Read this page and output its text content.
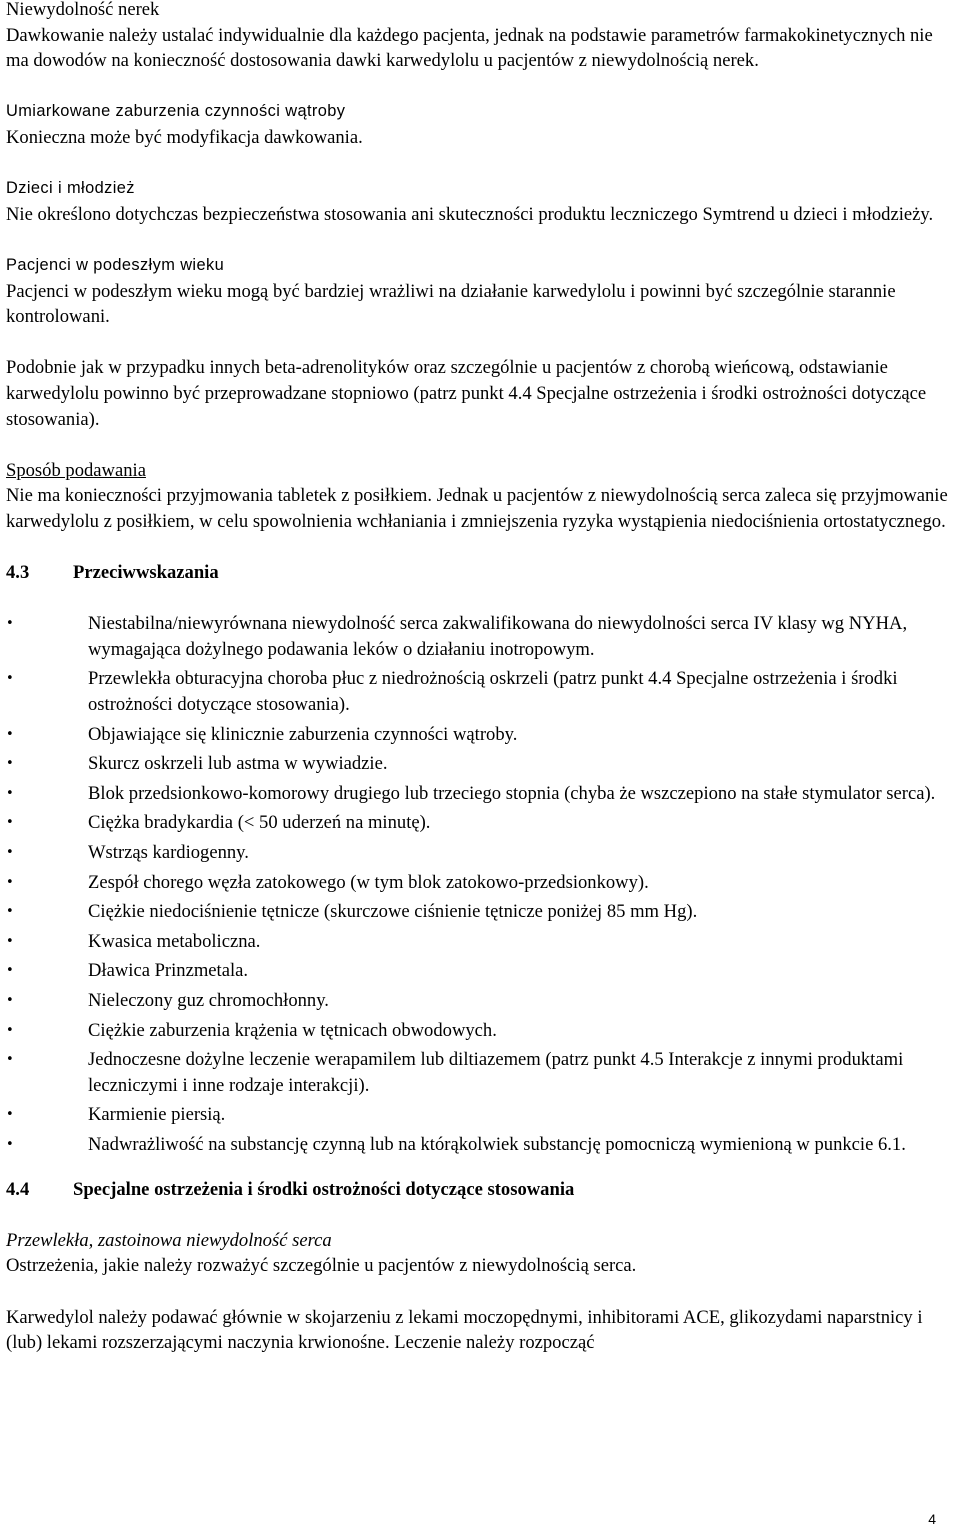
Niewydolność nerek

Dawkowanie należy ustalać indywidualnie dla każdego pacjenta, jednak na podstawie parametrów farmakokinetycznych nie ma dowodów na konieczność dostosowania dawki karwedylolu u pacjentów z niewydolnością nerek.

Umiarkowane zaburzenia czynności wątroby

Konieczna może być modyfikacja dawkowania.

Dzieci i młodzież

Nie określono dotychczas bezpieczeństwa stosowania ani skuteczności produktu leczniczego Symtrend u dzieci i młodzieży.

Pacjenci w podeszłym wieku

Pacjenci w podeszłym wieku mogą być bardziej wrażliwi na działanie karwedylolu i powinni być szczególnie starannie kontrolowani.

Podobnie jak w przypadku innych beta-adrenolityków oraz szczególnie u pacjentów z chorobą wieńcową, odstawianie karwedylolu powinno być przeprowadzane stopniowo (patrz punkt 4.4 Specjalne ostrzeżenia i środki ostrożności dotyczące stosowania).

Sposób podawania

Nie ma konieczności przyjmowania tabletek z posiłkiem. Jednak u pacjentów z niewydolnością serca zaleca się przyjmowanie karwedylolu z posiłkiem, w celu spowolnienia wchłaniania i zmniejszenia ryzyka wystąpienia niedociśnienia ortostatycznego.

4.3	Przeciwwskazania
•	Niestabilna/niewyrównana niewydolność serca zakwalifikowana do niewydolności serca IV klasy wg NYHA, wymagająca dożylnego podawania leków o działaniu inotropowym.
•	Przewlekła obturacyjna choroba płuc z niedrożnością oskrzeli (patrz punkt 4.4 Specjalne ostrzeżenia i środki ostrożności dotyczące stosowania).
•	Objawiające się klinicznie zaburzenia czynności wątroby.
•	Skurcz oskrzeli lub astma w wywiadzie.
•	Blok przedsionkowo-komorowy drugiego lub trzeciego stopnia (chyba że wszczepiono na stałe stymulator serca).
•	Ciężka bradykardia (< 50 uderzeń na minutę).
•	Wstrząs kardiogenny.
•	Zespół chorego węzła zatokowego (w tym blok zatokowo-przedsionkowy).
•	Ciężkie niedociśnienie tętnicze (skurczowe ciśnienie tętnicze poniżej 85 mm Hg).
•	Kwasica metaboliczna.
•	Dławica Prinzmetala.
•	Nieleczony guz chromochłonny.
•	Ciężkie zaburzenia krążenia w tętnicach obwodowych.
•	Jednoczesne dożylne leczenie werapamilem lub diltiazemem (patrz punkt 4.5 Interakcje z innymi produktami leczniczymi i inne rodzaje interakcji).
•	Karmienie piersią.
•	Nadwrażliwość na substancję czynną lub na którąkolwiek substancję pomocniczą wymienioną w punkcie 6.1.
4.4	Specjalne ostrzeżenia i środki ostrożności dotyczące stosowania

Przewlekła, zastoinowa niewydolność serca

Ostrzeżenia, jakie należy rozważyć szczególnie u pacjentów z niewydolnością serca.

Karwedylol należy podawać głównie w skojarzeniu z lekami moczopędnymi, inhibitorami ACE, glikozydami naparstnicy i (lub) lekami rozszerzającymi naczynia krwionośne. Leczenie należy rozpocząć

4
